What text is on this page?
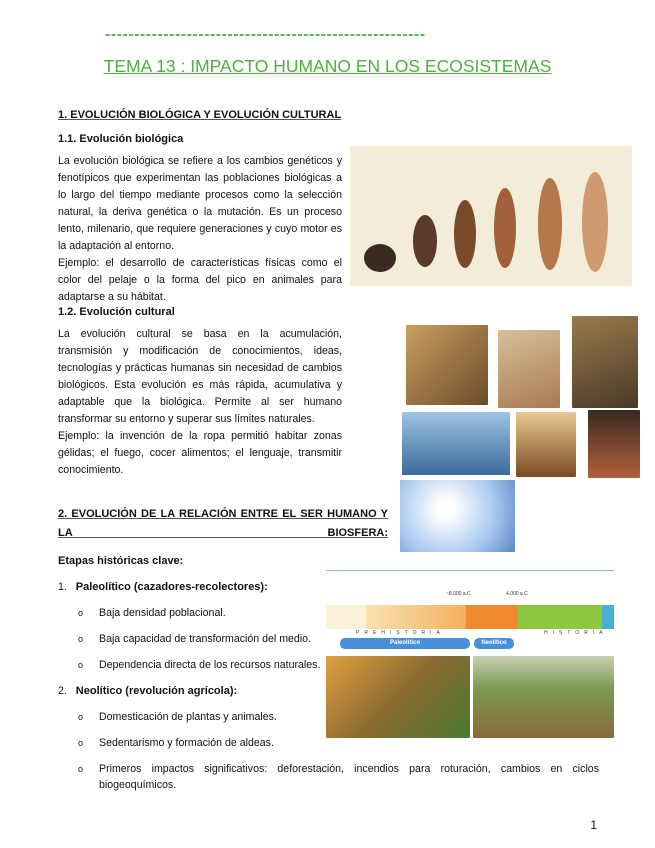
-------------------------------------------------------
TEMA 13 : IMPACTO HUMANO EN LOS ECOSISTEMAS
1. EVOLUCIÓN BIOLÓGICA Y EVOLUCIÓN CULTURAL
1.1. Evolución biológica

La evolución biológica se refiere a los cambios genéticos y fenotípicos que experimentan las poblaciones biológicas a lo largo del tiempo mediante procesos como la selección natural, la deriva genética o la mutación. Es un proceso lento, milenario, que requiere generaciones y cuyo motor es la adaptación al entorno.

Ejemplo: el desarrollo de características físicas como el color del pelaje o la forma del pico en animales para adaptarse a su hábitat.

1.2. Evolución cultural

La evolución cultural se basa en la acumulación, transmisión y modificación de conocimientos, ideas, tecnologías y prácticas humanas sin necesidad de cambios biológicos. Esta evolución es más rápida, acumulativa y adaptable que la biológica. Permite al ser humano transformar su entorno y superar sus límites naturales.

Ejemplo: la invención de la ropa permitió habitar zonas gélidas; el fuego, cocer alimentos; el lenguaje, transmitir conocimiento.

2. EVOLUCIÓN DE LA RELACIÓN ENTRE EL SER HUMANO Y LA BIOSFERA:
Etapas históricas clave:
1. Paleolítico (cazadores-recolectores):
o Baja densidad poblacional.
o Baja capacidad de transformación del medio.
o Dependencia directa de los recursos naturales.
2. Neolítico (revolución agrícola):
o Domesticación de plantas y animales.
o Sedentarismo y formación de aldeas.
o Primeros impactos significativos: deforestación, incendios para roturación, cambios en ciclos biogeoquímicos.
~8.000 a.C	4.000 a.C
PREHISTORIA	HISTORIA
Paleolítico	Neolítico
1
